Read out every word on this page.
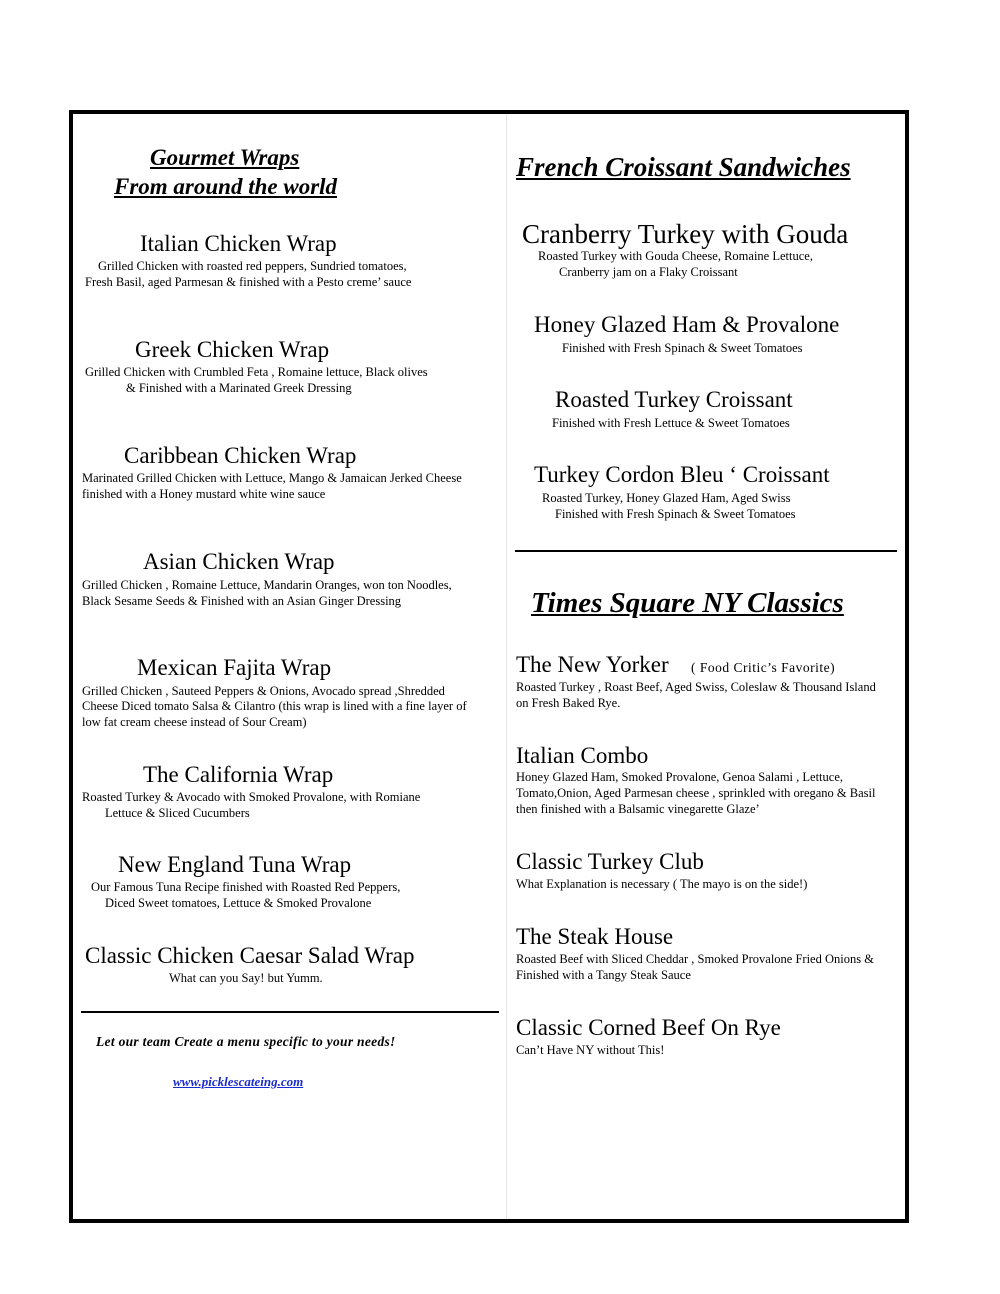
Gourmet Wraps
From around the world
Italian Chicken Wrap
Grilled Chicken with roasted red peppers, Sundried tomatoes,
Fresh Basil, aged Parmesan & finished with a Pesto creme’ sauce
Greek Chicken Wrap
Grilled Chicken with Crumbled Feta , Romaine lettuce, Black olives
& Finished with a Marinated Greek Dressing
Caribbean Chicken Wrap
Marinated Grilled Chicken with Lettuce, Mango & Jamaican Jerked Cheese
finished with a Honey mustard white wine sauce
Asian Chicken Wrap
Grilled Chicken , Romaine Lettuce, Mandarin Oranges, won ton Noodles,
Black Sesame Seeds & Finished with an Asian Ginger Dressing
Mexican Fajita Wrap
Grilled Chicken , Sauteed Peppers & Onions, Avocado spread ,Shredded
Cheese Diced tomato Salsa & Cilantro (this wrap is lined with a fine layer of
low fat cream cheese instead of Sour Cream)
The California Wrap
Roasted Turkey & Avocado with Smoked Provalone, with Romiane
Lettuce & Sliced Cucumbers
New England Tuna Wrap
Our Famous Tuna Recipe finished with Roasted Red Peppers,
Diced Sweet tomatoes, Lettuce & Smoked Provalone
Classic Chicken Caesar Salad Wrap
What can you Say! but Yumm.
Let our team Create a menu specific to your needs!
www.picklescateing.com
French Croissant Sandwiches
Cranberry Turkey with Gouda
Roasted Turkey with Gouda Cheese, Romaine Lettuce,
Cranberry jam on a Flaky Croissant
Honey Glazed Ham & Provalone
Finished with Fresh Spinach & Sweet Tomatoes
Roasted Turkey Croissant
Finished with Fresh Lettuce & Sweet Tomatoes
Turkey Cordon Bleu ‘ Croissant
Roasted Turkey, Honey Glazed Ham, Aged Swiss
Finished with Fresh Spinach & Sweet Tomatoes
Times Square NY Classics
The New Yorker ( Food Critic’s Favorite)
Roasted Turkey , Roast Beef, Aged Swiss, Coleslaw & Thousand Island
on Fresh Baked Rye.
Italian Combo
Honey Glazed Ham, Smoked Provalone, Genoa Salami , Lettuce,
Tomato,Onion, Aged Parmesan cheese , sprinkled with oregano & Basil
then finished with a Balsamic vinegarette Glaze’
Classic Turkey Club
What Explanation is necessary ( The mayo is on the side!)
The Steak House
Roasted Beef with Sliced Cheddar , Smoked Provalone Fried Onions &
Finished with a Tangy Steak Sauce
Classic Corned Beef On Rye
Can’t Have NY without This!
